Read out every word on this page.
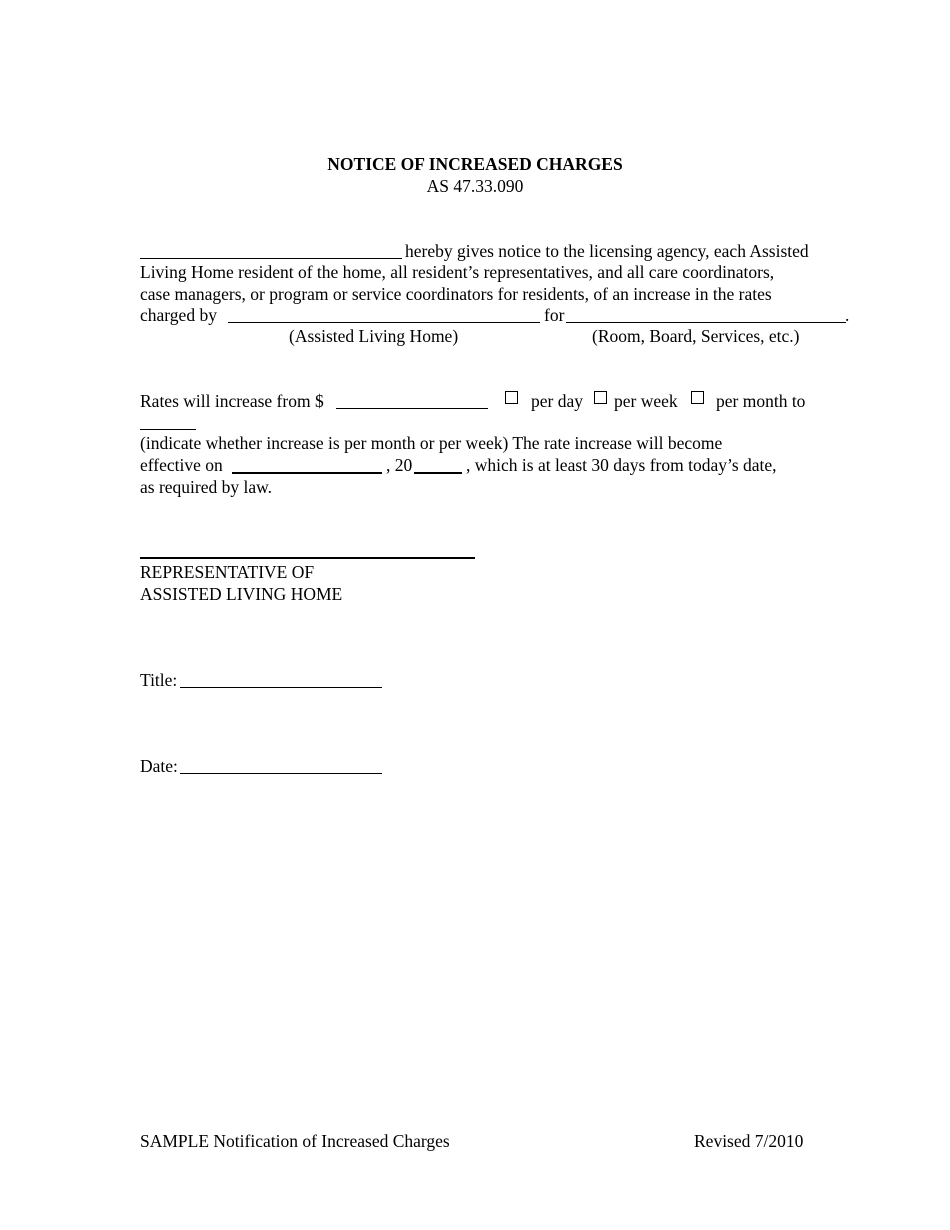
NOTICE OF INCREASED CHARGES
AS 47.33.090
hereby gives notice to the licensing agency, each Assisted
Living Home resident of the home, all resident’s representatives, and all care coordinators,
case managers, or program or service coordinators for residents, of an increase in the rates
charged by	for	.
(Assisted Living Home)	(Room, Board, Services, etc.)
Rates will increase from $	per day per week per month to
(indicate whether increase is per month or per week) The rate increase will become
effective on	, 20	, which is at least 30 days from today’s date,
as required by law.
REPRESENTATIVE OF
ASSISTED LIVING HOME
Title:
Date:
SAMPLE Notification of Increased Charges	Revised 7/2010
